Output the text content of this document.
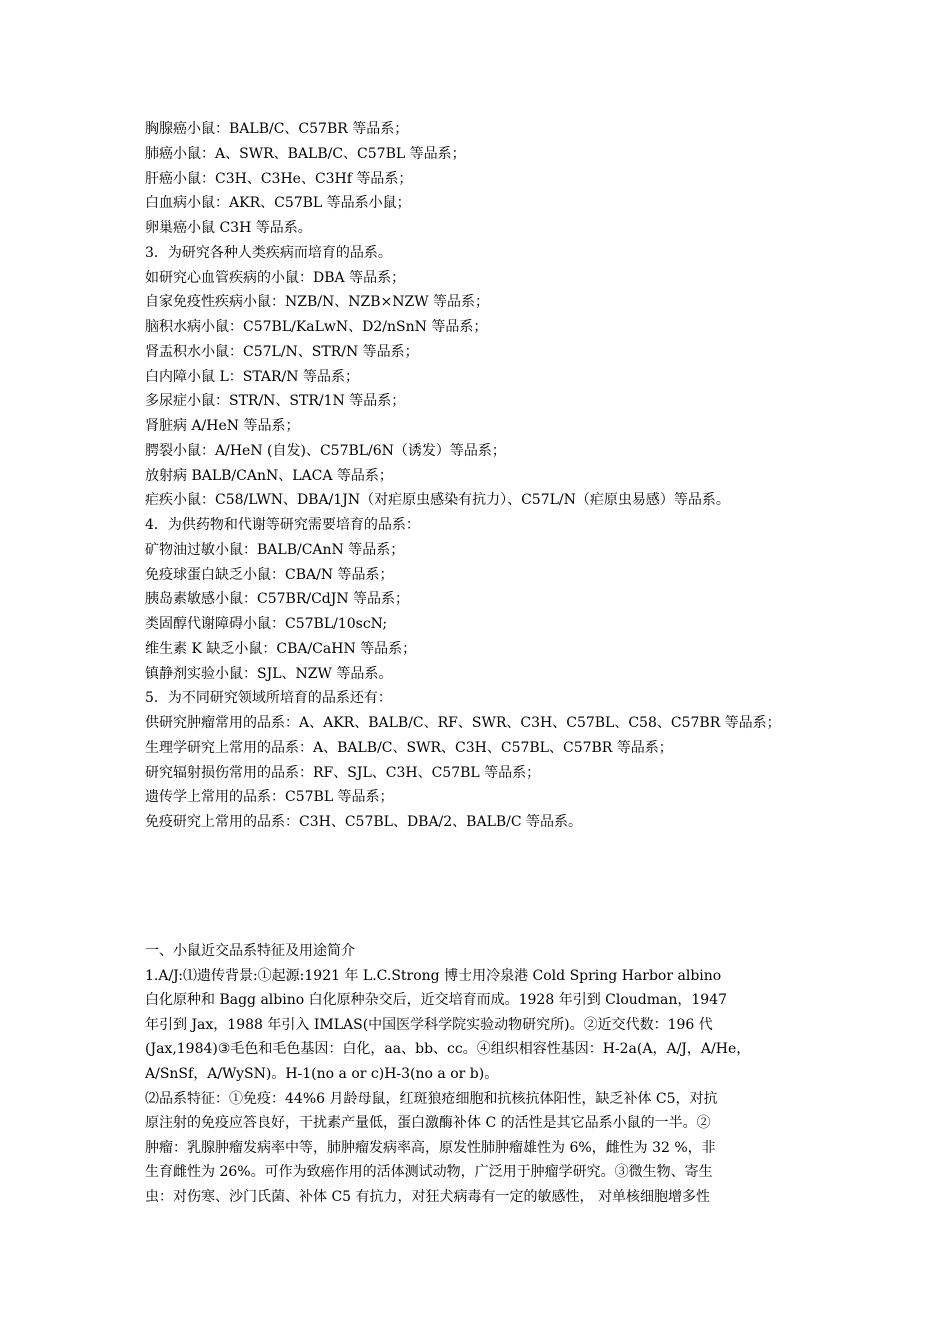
胸腺癌小鼠：BALB/C、C57BR 等品系；
肺癌小鼠：A、SWR、BALB/C、C57BL 等品系；
肝癌小鼠：C3H、C3He、C3Hf 等品系；
白血病小鼠：AKR、C57BL 等品系小鼠；
卵巢癌小鼠 C3H 等品系。
3．为研究各种人类疾病而培育的品系。
如研究心血管疾病的小鼠：DBA 等品系；
自家免疫性疾病小鼠：NZB/N、NZB×NZW 等品系；
脑积水病小鼠：C57BL/KaLwN、D2/nSnN 等品系；
肾盂积水小鼠：C57L/N、STR/N 等品系；
白内障小鼠 L：STAR/N 等品系；
多尿症小鼠：STR/N、STR/1N 等品系；
肾脏病 A/HeN 等品系；
腭裂小鼠：A/HeN (自发)、C57BL/6N（诱发）等品系；
放射病 BALB/CAnN、LACA 等品系；
疟疾小鼠：C58/LWN、DBA/1JN（对疟原虫感染有抗力）、C57L/N（疟原虫易感）等品系。
4．为供药物和代谢等研究需要培育的品系：
矿物油过敏小鼠：BALB/CAnN 等品系；
免疫球蛋白缺乏小鼠：CBA/N 等品系；
胰岛素敏感小鼠：C57BR/CdJN 等品系；
类固醇代谢障碍小鼠：C57BL/10scN;
维生素 K 缺乏小鼠：CBA/CaHN 等品系；
镇静剂实验小鼠：SJL、NZW 等品系。
5．为不同研究领域所培育的品系还有：
供研究肿瘤常用的品系：A、AKR、BALB/C、RF、SWR、C3H、C57BL、C58、C57BR 等品系；
生理学研究上常用的品系：A、BALB/C、SWR、C3H、C57BL、C57BR 等品系；
研究辐射损伤常用的品系：RF、SJL、C3H、C57BL 等品系；
遗传学上常用的品系：C57BL 等品系；
免疫研究上常用的品系：C3H、C57BL、DBA/2、BALB/C 等品系。
一、小鼠近交品系特征及用途简介
1.A/J:⑴遗传背景:①起源:1921 年 L.C.Strong 博士用冷泉港 Cold Spring Harbor albino
白化原种和 Bagg albino 白化原种杂交后，近交培育而成。1928 年引到 Cloudman，1947
年引到 Jax，1988 年引入 IMLAS(中国医学科学院实验动物研究所)。②近交代数：196 代
(Jax,1984)③毛色和毛色基因：白化，aa、bb、cc。④组织相容性基因：H-2a(A，A/J，A/He，
A/SnSf，A/WySN)。H-1(no a or c)H-3(no a or b)。
⑵品系特征：①免疫：44%6 月龄母鼠，红斑狼疮细胞和抗核抗体阳性，缺乏补体 C5，对抗
原注射的免疫应答良好，干扰素产量低，蛋白激酶补体 C 的活性是其它品系小鼠的一半。②
肿瘤：乳腺肿瘤发病率中等，肺肿瘤发病率高，原发性肺肿瘤雄性为 6%，雌性为 32 %，非
生育雌性为 26%。可作为致癌作用的活体测试动物，广泛用于肿瘤学研究。③微生物、寄生
虫：对伤寒、沙门氏菌、补体 C5 有抗力，对狂犬病毒有一定的敏感性， 对单核细胞增多性
